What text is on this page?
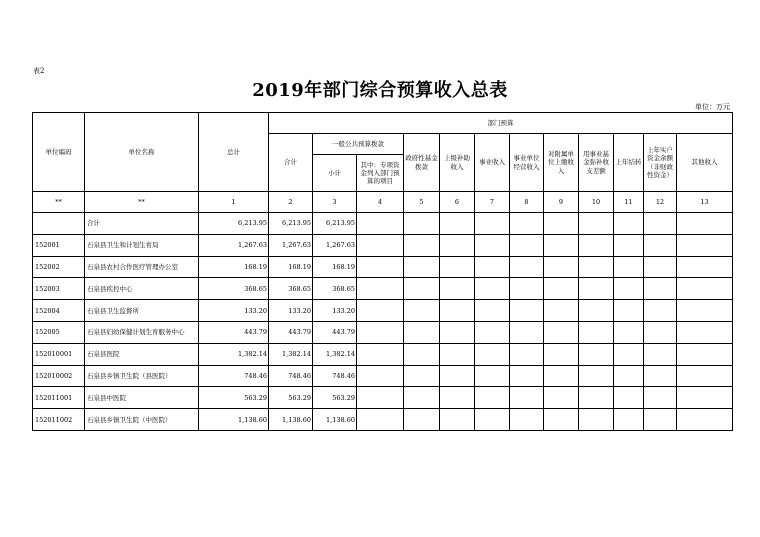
表2
2019年部门综合预算收入总表
单位：万元
单位编码	单位名称	总计	部门预算											
			合计	一般公共预算拨款		政府性基金拨款	上级补助收入	事业收入	事业单位经营收入	对附属单位上缴收入	用事业基金弥补收支差额	上年结转	上年实户资金余额（非财政性资金）	其他收入
				小计	其中：专项资金列入部门预算的项目									
**	**	1	2	3	4	5	6	7	8	9	10	11	12	13
	合计	6,213.95	6,213.95	6,213.95										
152001	石泉县卫生和计划生育局	1,267.63	1,267.63	1,267.63										
152002	石泉县农村合作医疗管理办公室	168.19	168.19	168.19										
152003	石泉县疾控中心	368.65	368.65	368.65										
152004	石泉县卫生监督所	133.20	133.20	133.20										
152005	石泉县妇幼保健计划生育服务中心	443.79	443.79	443.79										
152010001	石泉县医院	1,382.14	1,382.14	1,382.14										
152010002	石泉县乡镇卫生院（县医院）	748.46	748.46	748.46										
152011001	石泉县中医院	563.29	563.29	563.29										
152011002	石泉县乡镇卫生院（中医院）	1,138.60	1,138.60	1,138.60										
